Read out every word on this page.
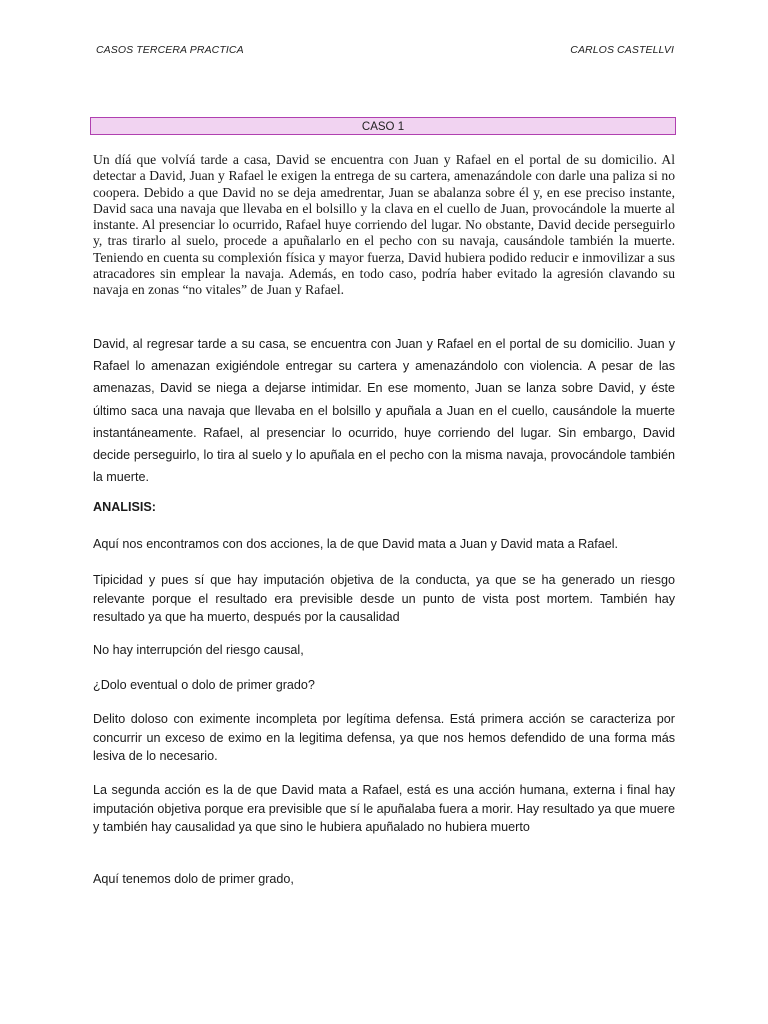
CASOS TERCERA PRACTICA	CARLOS CASTELLVI
CASO 1

Un díá que volvíá tarde a casa, David se encuentra con Juan y Rafael en el portal de su domicilio. Al detectar a David, Juan y Rafael le exigen la entrega de su cartera, amenazándole con darle una paliza si no coopera. Debido a que David no se deja amedrentar, Juan se abalanza sobre él y, en ese preciso instante, David saca una navaja que llevaba en el bolsillo y la clava en el cuello de Juan, provocándole la muerte al instante. Al presenciar lo ocurrido, Rafael huye corriendo del lugar. No obstante, David decide perseguirlo y, tras tirarlo al suelo, procede a apuñalarlo en el pecho con su navaja, causándole también la muerte. Teniendo en cuenta su complexión física y mayor fuerza, David hubiera podido reducir e inmovilizar a sus atracadores sin emplear la navaja. Además, en todo caso, podría haber evitado la agresión clavando su navaja en zonas “no vitales” de Juan y Rafael.

David, al regresar tarde a su casa, se encuentra con Juan y Rafael en el portal de su domicilio. Juan y Rafael lo amenazan exigiéndole entregar su cartera y amenazándolo con violencia. A pesar de las amenazas, David se niega a dejarse intimidar. En ese momento, Juan se lanza sobre David, y éste último saca una navaja que llevaba en el bolsillo y apuñala a Juan en el cuello, causándole la muerte instantáneamente. Rafael, al presenciar lo ocurrido, huye corriendo del lugar. Sin embargo, David decide perseguirlo, lo tira al suelo y lo apuñala en el pecho con la misma navaja, provocándole también la muerte.

ANALISIS:

Aquí nos encontramos con dos acciones, la de que David mata a Juan y David mata a Rafael.

Tipicidad y pues sí que hay imputación objetiva de la conducta, ya que se ha generado un riesgo relevante porque el resultado era previsible desde un punto de vista post mortem. También hay resultado ya que ha muerto, después por la causalidad

No hay interrupción del riesgo causal,

¿Dolo eventual o dolo de primer grado?

Delito doloso con eximente incompleta por legítima defensa. Está primera acción se caracteriza por concurrir un exceso de eximo en la legitima defensa, ya que nos hemos defendido de una forma más lesiva de lo necesario.

La segunda acción es la de que David mata a Rafael, está es una acción humana, externa i final hay imputación objetiva porque era previsible que sí le apuñalaba fuera a morir. Hay resultado ya que muere y también hay causalidad ya que sino le hubiera apuñalado no hubiera muerto

Aquí tenemos dolo de primer grado,
